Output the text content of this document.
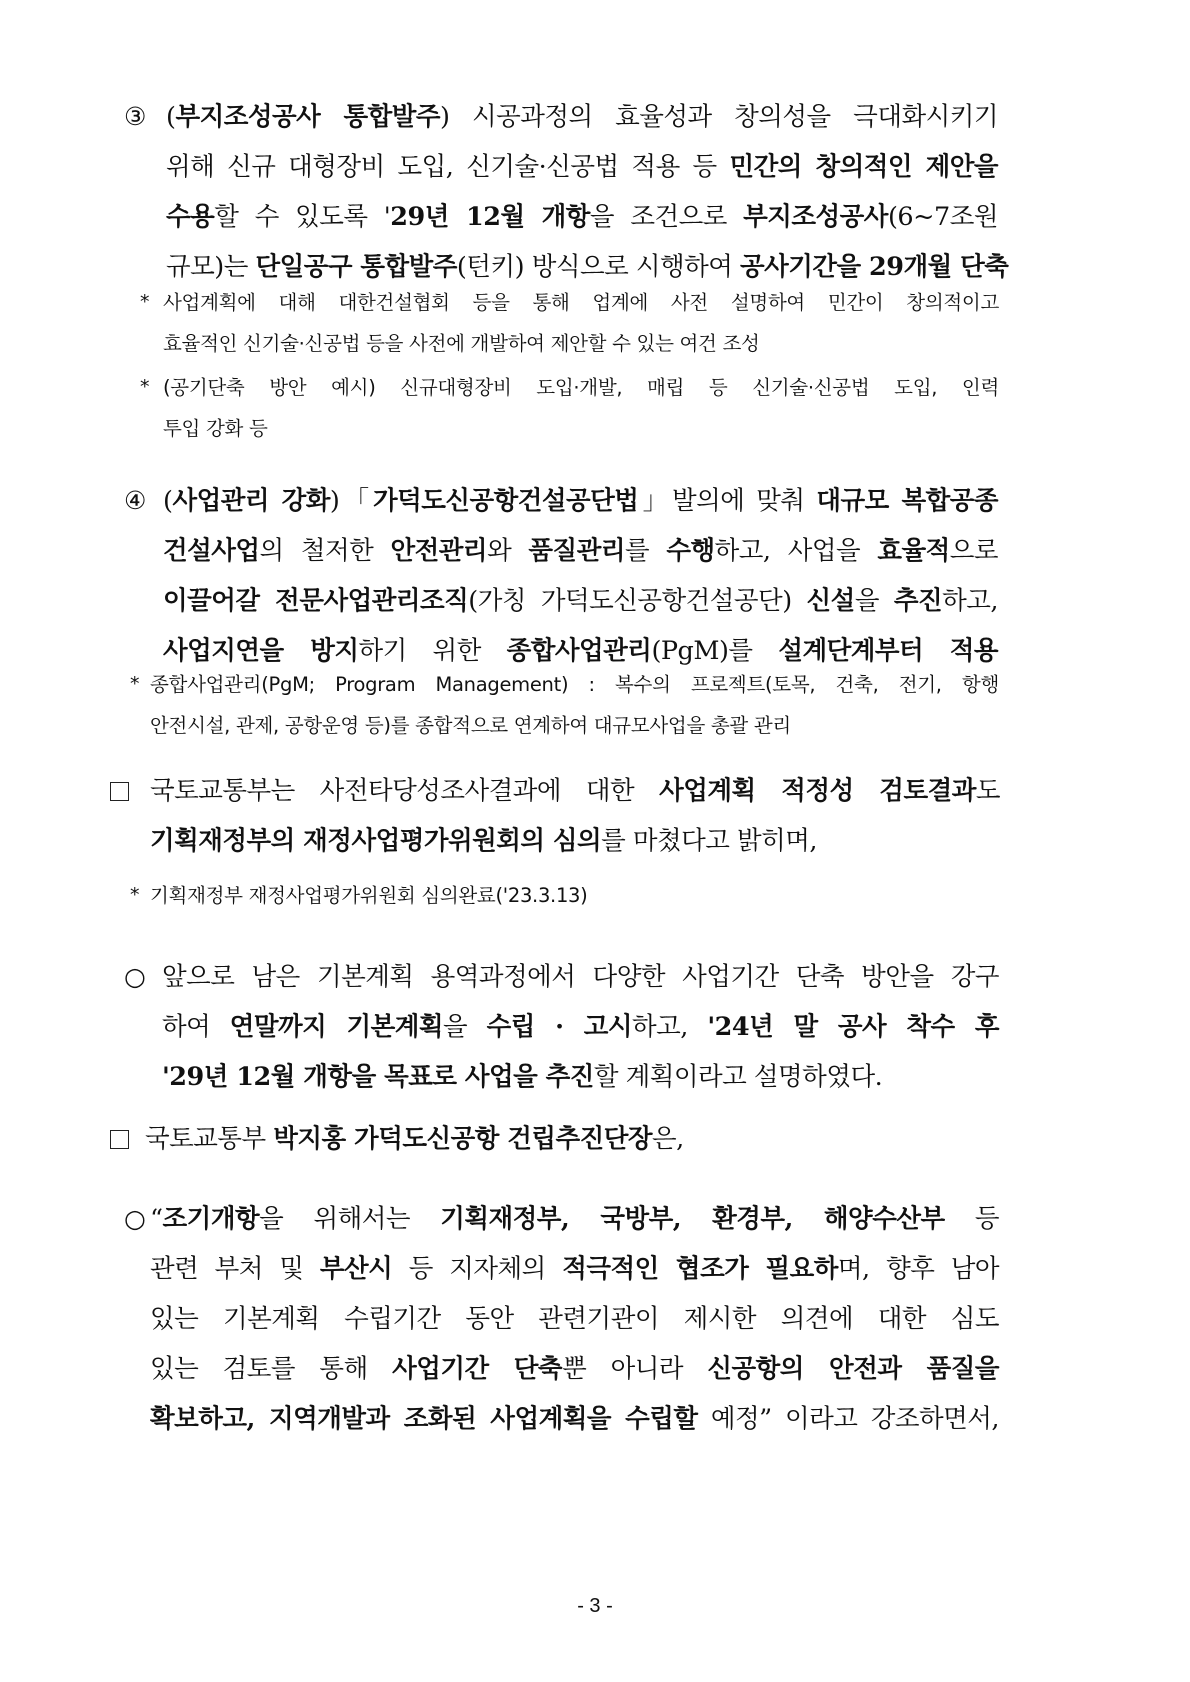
③ (부지조성공사 통합발주) 시공과정의 효율성과 창의성을 극대화시키기
위해 신규 대형장비 도입, 신기술·신공법 적용 등 민간의 창의적인 제안을
수용할 수 있도록 '29년 12월 개항을 조건으로 부지조성공사(6~7조원
규모)는 단일공구 통합발주(턴키) 방식으로 시행하여 공사기간을 29개월 단축
* 사업계획에 대해 대한건설협회 등을 통해 업계에 사전 설명하여 민간이 창의적이고
효율적인 신기술·신공법 등을 사전에 개발하여 제안할 수 있는 여건 조성
* (공기단축 방안 예시) 신규대형장비 도입·개발, 매립 등 신기술·신공법 도입, 인력
투입 강화 등
④ (사업관리 강화)「가덕도신공항건설공단법」발의에 맞춰 대규모 복합공종
건설사업의 철저한 안전관리와 품질관리를 수행하고, 사업을 효율적으로
이끌어갈 전문사업관리조직(가칭 가덕도신공항건설공단) 신설을 추진하고,
사업지연을 방지하기 위한 종합사업관리(PgM)를 설계단계부터 적용
* 종합사업관리(PgM; Program Management) : 복수의 프로젝트(토목, 건축, 전기, 항행
안전시설, 관제, 공항운영 등)를 종합적으로 연계하여 대규모사업을 총괄 관리
국토교통부는 사전타당성조사결과에 대한 사업계획 적정성 검토결과도
기획재정부의 재정사업평가위원회의 심의를 마쳤다고 밝히며,
* 기획재정부 재정사업평가위원회 심의완료('23.3.13)
○ 앞으로 남은 기본계획 용역과정에서 다양한 사업기간 단축 방안을 강구
하여 연말까지 기본계획을 수립 · 고시하고, '24년 말 공사 착수 후
'29년 12월 개항을 목표로 사업을 추진할 계획이라고 설명하였다.
국토교통부 박지홍 가덕도신공항 건립추진단장은,
○ “조기개항을 위해서는 기획재정부, 국방부, 환경부, 해양수산부 등
관련 부처 및 부산시 등 지자체의 적극적인 협조가 필요하며, 향후 남아
있는 기본계획 수립기간 동안 관련기관이 제시한 의견에 대한 심도
있는 검토를 통해 사업기간 단축뿐 아니라 신공항의 안전과 품질을
확보하고, 지역개발과 조화된 사업계획을 수립할 예정” 이라고 강조하면서,
- 3 -
